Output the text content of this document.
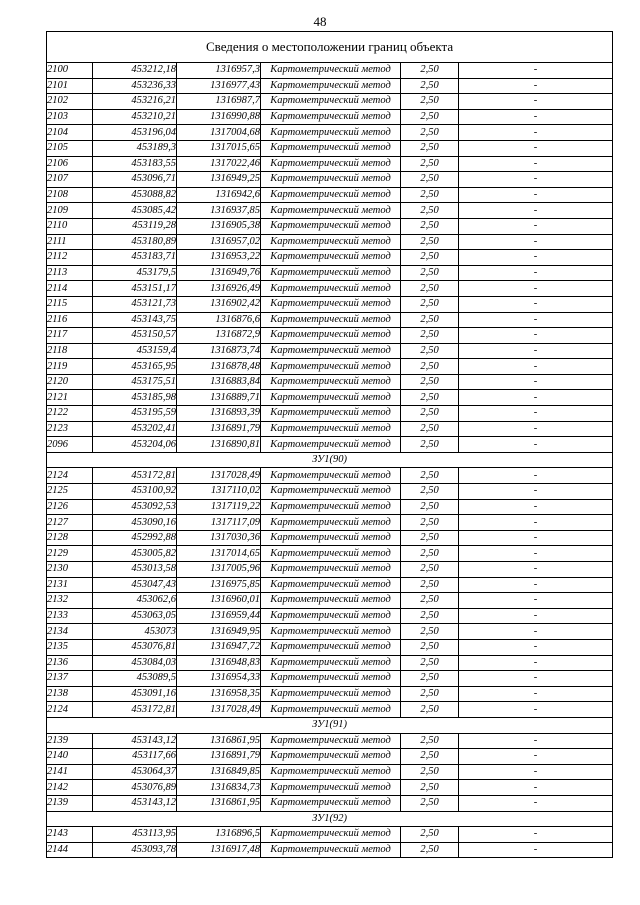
48
Сведения о местоположении границ объекта					
2100	453212,18	1316957,3	Картометрический метод	2,50	-
2101	453236,33	1316977,43	Картометрический метод	2,50	-
2102	453216,21	1316987,7	Картометрический метод	2,50	-
2103	453210,21	1316990,88	Картометрический метод	2,50	-
2104	453196,04	1317004,68	Картометрический метод	2,50	-
2105	453189,3	1317015,65	Картометрический метод	2,50	-
2106	453183,55	1317022,46	Картометрический метод	2,50	-
2107	453096,71	1316949,25	Картометрический метод	2,50	-
2108	453088,82	1316942,6	Картометрический метод	2,50	-
2109	453085,42	1316937,85	Картометрический метод	2,50	-
2110	453119,28	1316905,38	Картометрический метод	2,50	-
2111	453180,89	1316957,02	Картометрический метод	2,50	-
2112	453183,71	1316953,22	Картометрический метод	2,50	-
2113	453179,5	1316949,76	Картометрический метод	2,50	-
2114	453151,17	1316926,49	Картометрический метод	2,50	-
2115	453121,73	1316902,42	Картометрический метод	2,50	-
2116	453143,75	1316876,6	Картометрический метод	2,50	-
2117	453150,57	1316872,9	Картометрический метод	2,50	-
2118	453159,4	1316873,74	Картометрический метод	2,50	-
2119	453165,95	1316878,48	Картометрический метод	2,50	-
2120	453175,51	1316883,84	Картометрический метод	2,50	-
2121	453185,98	1316889,71	Картометрический метод	2,50	-
2122	453195,59	1316893,39	Картометрический метод	2,50	-
2123	453202,41	1316891,79	Картометрический метод	2,50	-
2096	453204,06	1316890,81	Картометрический метод	2,50	-
ЗУ1(90)					
2124	453172,81	1317028,49	Картометрический метод	2,50	-
2125	453100,92	1317110,02	Картометрический метод	2,50	-
2126	453092,53	1317119,22	Картометрический метод	2,50	-
2127	453090,16	1317117,09	Картометрический метод	2,50	-
2128	452992,88	1317030,36	Картометрический метод	2,50	-
2129	453005,82	1317014,65	Картометрический метод	2,50	-
2130	453013,58	1317005,96	Картометрический метод	2,50	-
2131	453047,43	1316975,85	Картометрический метод	2,50	-
2132	453062,6	1316960,01	Картометрический метод	2,50	-
2133	453063,05	1316959,44	Картометрический метод	2,50	-
2134	453073	1316949,95	Картометрический метод	2,50	-
2135	453076,81	1316947,72	Картометрический метод	2,50	-
2136	453084,03	1316948,83	Картометрический метод	2,50	-
2137	453089,5	1316954,33	Картометрический метод	2,50	-
2138	453091,16	1316958,35	Картометрический метод	2,50	-
2124	453172,81	1317028,49	Картометрический метод	2,50	-
ЗУ1(91)					
2139	453143,12	1316861,95	Картометрический метод	2,50	-
2140	453117,66	1316891,79	Картометрический метод	2,50	-
2141	453064,37	1316849,85	Картометрический метод	2,50	-
2142	453076,89	1316834,73	Картометрический метод	2,50	-
2139	453143,12	1316861,95	Картометрический метод	2,50	-
ЗУ1(92)					
2143	453113,95	1316896,5	Картометрический метод	2,50	-
2144	453093,78	1316917,48	Картометрический метод	2,50	-
